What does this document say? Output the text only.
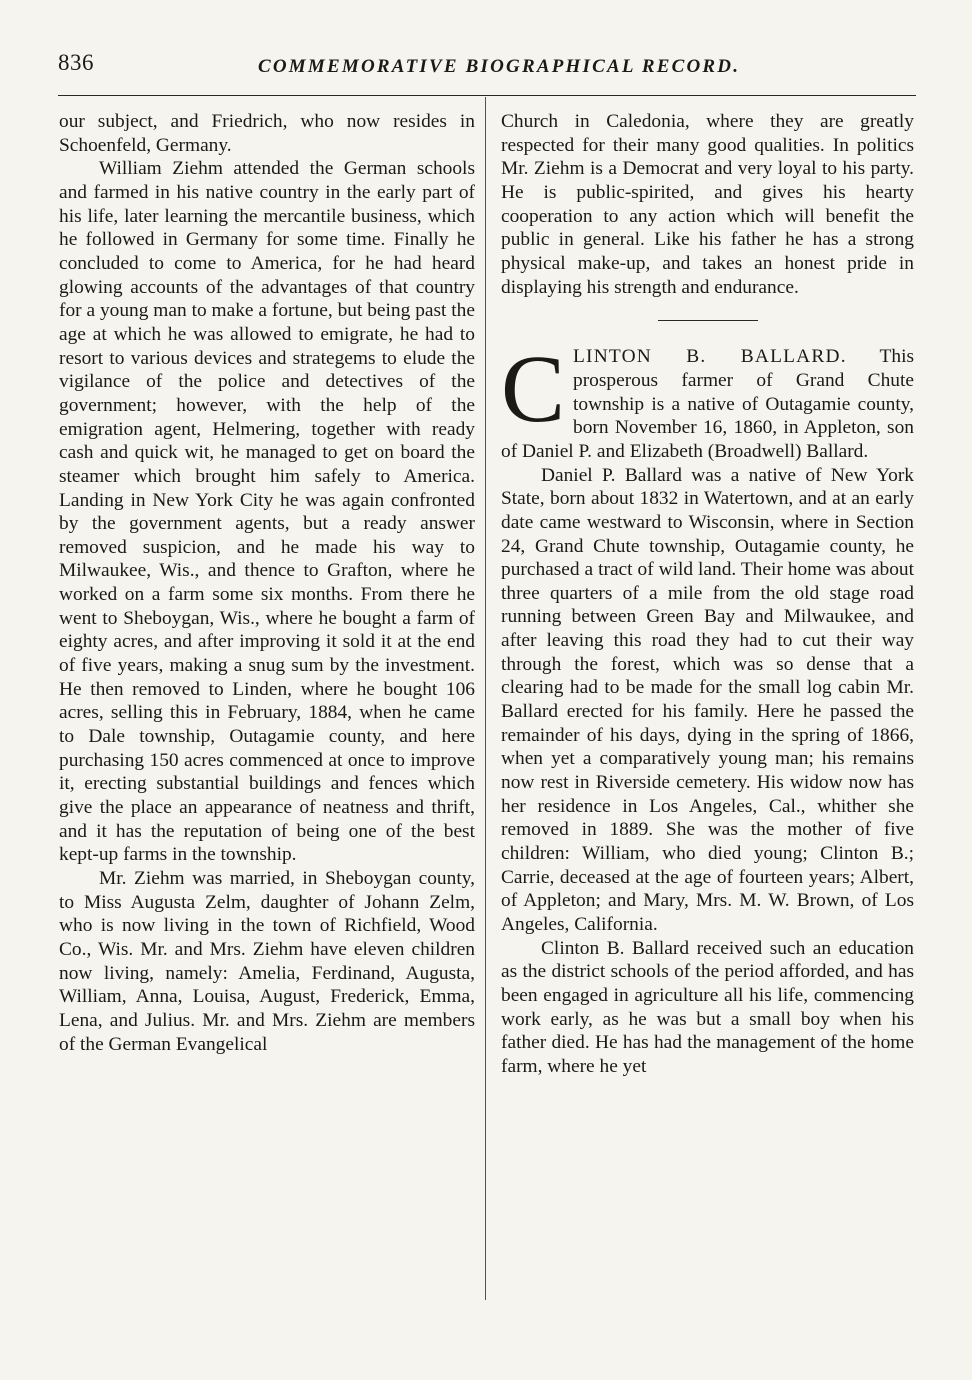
836	COMMEMORATIVE BIOGRAPHICAL RECORD.

our subject, and Friedrich, who now resides in Schoenfeld, Germany.

William Ziehm attended the German schools and farmed in his native country in the early part of his life, later learning the mercantile business, which he followed in Germany for some time. Finally he concluded to come to America, for he had heard glowing accounts of the advantages of that country for a young man to make a fortune, but being past the age at which he was allowed to emigrate, he had to resort to various devices and strategems to elude the vigilance of the police and detectives of the government; however, with the help of the emigration agent, Helmering, together with ready cash and quick wit, he managed to get on board the steamer which brought him safely to America. Landing in New York City he was again confronted by the government agents, but a ready answer removed suspicion, and he made his way to Milwaukee, Wis., and thence to Grafton, where he worked on a farm some six months. From there he went to Sheboygan, Wis., where he bought a farm of eighty acres, and after improving it sold it at the end of five years, making a snug sum by the investment. He then removed to Linden, where he bought 106 acres, selling this in February, 1884, when he came to Dale township, Outagamie county, and here purchasing 150 acres commenced at once to improve it, erecting substantial buildings and fences which give the place an appearance of neatness and thrift, and it has the reputation of being one of the best kept-up farms in the township.

Mr. Ziehm was married, in Sheboygan county, to Miss Augusta Zelm, daughter of Johann Zelm, who is now living in the town of Richfield, Wood Co., Wis. Mr. and Mrs. Ziehm have eleven children now living, namely: Amelia, Ferdinand, Augusta, William, Anna, Louisa, August, Frederick, Emma, Lena, and Julius. Mr. and Mrs. Ziehm are members of the German Evangelical

Church in Caledonia, where they are greatly respected for their many good qualities. In politics Mr. Ziehm is a Democrat and very loyal to his party. He is public-spirited, and gives his hearty cooperation to any action which will benefit the public in general. Like his father he has a strong physical make-up, and takes an honest pride in displaying his strength and endurance.

CLINTON B. BALLARD. This prosperous farmer of Grand Chute township is a native of Outagamie county, born November 16, 1860, in Appleton, son of Daniel P. and Elizabeth (Broadwell) Ballard.

Daniel P. Ballard was a native of New York State, born about 1832 in Watertown, and at an early date came westward to Wisconsin, where in Section 24, Grand Chute township, Outagamie county, he purchased a tract of wild land. Their home was about three quarters of a mile from the old stage road running between Green Bay and Milwaukee, and after leaving this road they had to cut their way through the forest, which was so dense that a clearing had to be made for the small log cabin Mr. Ballard erected for his family. Here he passed the remainder of his days, dying in the spring of 1866, when yet a comparatively young man; his remains now rest in Riverside cemetery. His widow now has her residence in Los Angeles, Cal., whither she removed in 1889. She was the mother of five children: William, who died young; Clinton B.; Carrie, deceased at the age of fourteen years; Albert, of Appleton; and Mary, Mrs. M. W. Brown, of Los Angeles, California.

Clinton B. Ballard received such an education as the district schools of the period afforded, and has been engaged in agriculture all his life, commencing work early, as he was but a small boy when his father died. He has had the management of the home farm, where he yet
